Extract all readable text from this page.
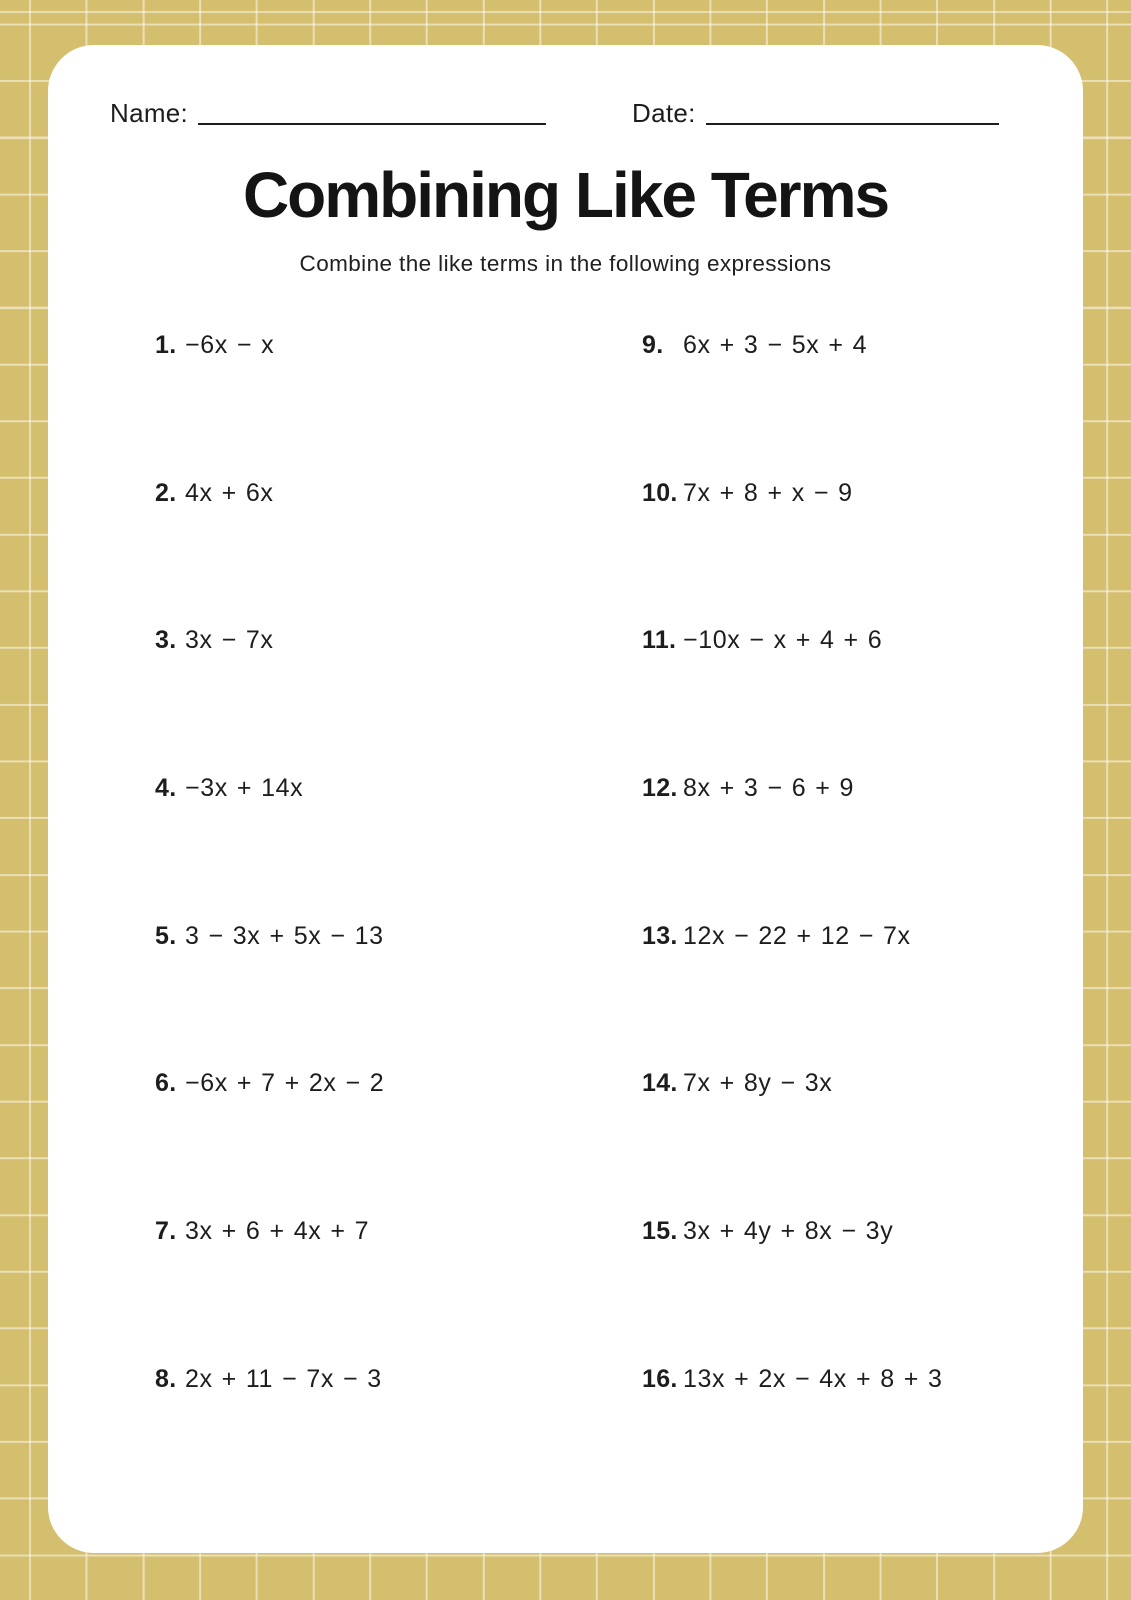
Name:	Date:
Combining Like Terms
Combine the like terms in the following expressions
1. −6x − x
2. 4x + 6x
3. 3x − 7x
4. −3x + 14x
5. 3 − 3x + 5x − 13
6. −6x + 7 + 2x − 2
7. 3x + 6 + 4x + 7
8. 2x + 11 − 7x − 3
9. 6x + 3 − 5x + 4
10. 7x + 8 + x − 9
11. −10x − x + 4 + 6
12. 8x + 3 − 6 + 9
13. 12x − 22 + 12 − 7x
14. 7x + 8y − 3x
15. 3x + 4y + 8x − 3y
16. 13x + 2x − 4x + 8 + 3
